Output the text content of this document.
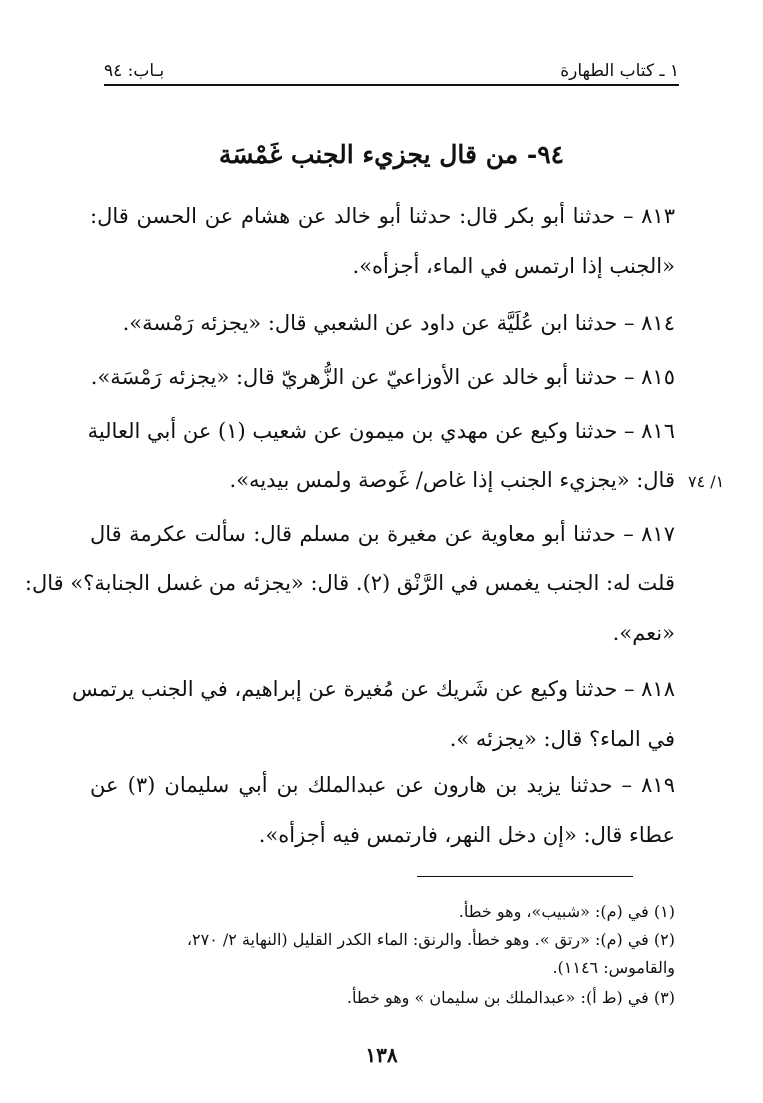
١ ـ كتاب الطهارة
بـاب: ٩٤
٩٤- من قال يجزيء الجنب غَمْسَة
٨١٣ – حدثنا أبو بكر قال: حدثنا أبو خالد عن هشام عن الحسن قال:
«الجنب إذا ارتمس في الماء، أجزأه».
٨١٤ – حدثنا ابن عُلَيَّة عن داود عن الشعبي قال: «يجزئه رَمْسة».
٨١٥ – حدثنا أبو خالد عن الأوزاعيّ عن الزُّهريّ قال: «يجزئه رَمْسَة».
٨١٦ – حدثنا وكيع عن مهدي بن ميمون عن شعيب (١) عن أبي العالية
قال: «يجزيء الجنب إذا غاص/ غَوصة ولمس بيديه». ١/ ٧٤
٨١٧ – حدثنا أبو معاوية عن مغيرة بن مسلم قال: سألت عكرمة قال
قلت له: الجنب يغمس في الرَّنْق (٢). قال: «يجزئه من غسل الجنابة؟» قال:
«نعم».
٨١٨ – حدثنا وكيع عن شَريك عن مُغيرة عن إبراهيم، في الجنب يرتمس
في الماء؟ قال: «يجزئه ».
٨١٩ – حدثنا يزيد بن هارون عن عبدالملك بن أبي سليمان (٣) عن
عطاء قال: «إن دخل النهر، فارتمس فيه أجزأه».
(١) في (م): «شبيب»، وهو خطأ.
(٢) في (م): «رتق ». وهو خطأ. والرنق: الماء الكدر القليل (النهاية ٢/ ٢٧٠،
والقاموس: ١١٤٦).
(٣) في (ط أ): «عبدالملك بن سليمان » وهو خطأ.
١٣٨
